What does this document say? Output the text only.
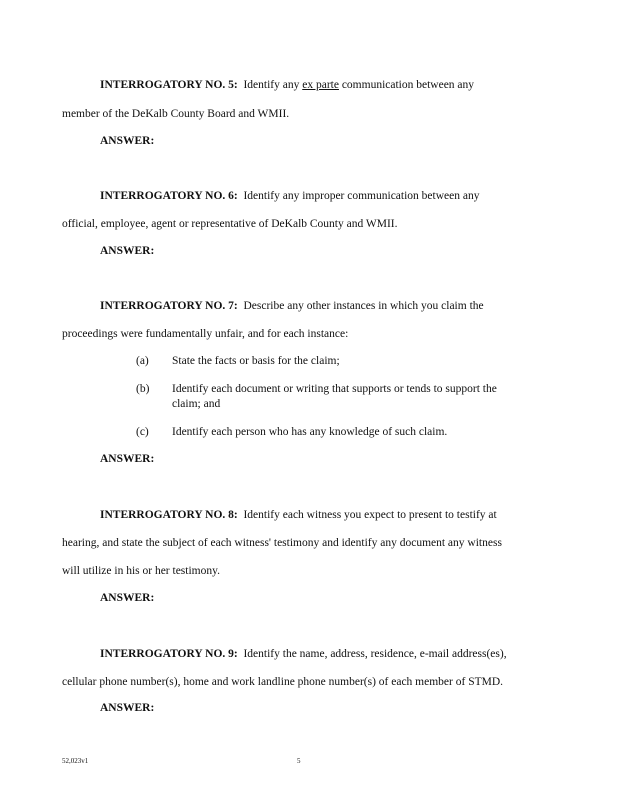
INTERROGATORY NO. 5: Identify any ex parte communication between any
member of the DeKalb County Board and WMII.
ANSWER:
INTERROGATORY NO. 6: Identify any improper communication between any
official, employee, agent or representative of DeKalb County and WMII.
ANSWER:
INTERROGATORY NO. 7: Describe any other instances in which you claim the
proceedings were fundamentally unfair, and for each instance:
(a) State the facts or basis for the claim;
(b) Identify each document or writing that supports or tends to support the
claim; and
(c) Identify each person who has any knowledge of such claim.
ANSWER:
INTERROGATORY NO. 8: Identify each witness you expect to present to testify at
hearing, and state the subject of each witness' testimony and identify any document any witness
will utilize in his or her testimony.
ANSWER:
INTERROGATORY NO. 9: Identify the name, address, residence, e-mail address(es),
cellular phone number(s), home and work landline phone number(s) of each member of STMD.
ANSWER:
52,023v1	5
